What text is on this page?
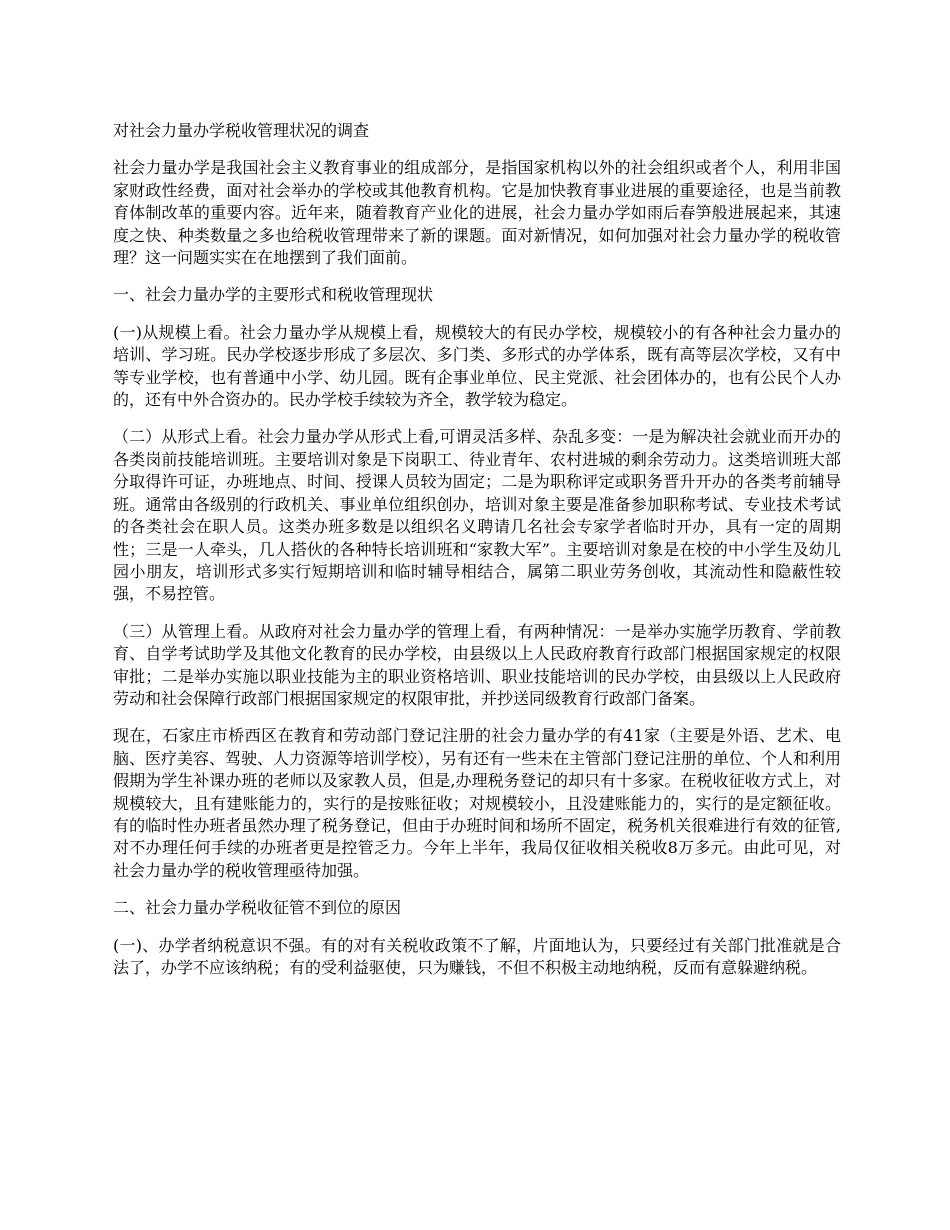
对社会力量办学税收管理状况的调查

社会力量办学是我国社会主义教育事业的组成部分，是指国家机构以外的社会组织或者个人，利用非国家财政性经费，面对社会举办的学校或其他教育机构。它是加快教育事业进展的重要途径，也是当前教育体制改革的重要内容。近年来，随着教育产业化的进展，社会力量办学如雨后春笋般进展起来，其速度之快、种类数量之多也给税收管理带来了新的课题。面对新情况，如何加强对社会力量办学的税收管理？这一问题实实在在地摆到了我们面前。

一、社会力量办学的主要形式和税收管理现状

(一)从规模上看。社会力量办学从规模上看，规模较大的有民办学校，规模较小的有各种社会力量办的培训、学习班。民办学校逐步形成了多层次、多门类、多形式的办学体系，既有高等层次学校，又有中等专业学校，也有普通中小学、幼儿园。既有企事业单位、民主党派、社会团体办的，也有公民个人办的，还有中外合资办的。民办学校手续较为齐全，教学较为稳定。

（二）从形式上看。社会力量办学从形式上看,可谓灵活多样、杂乱多变：一是为解决社会就业而开办的各类岗前技能培训班。主要培训对象是下岗职工、待业青年、农村进城的剩余劳动力。这类培训班大部分取得许可证，办班地点、时间、授课人员较为固定；二是为职称评定或职务晋升开办的各类考前辅导班。通常由各级别的行政机关、事业单位组织创办，培训对象主要是准备参加职称考试、专业技术考试的各类社会在职人员。这类办班多数是以组织名义聘请几名社会专家学者临时开办，具有一定的周期性；三是一人牵头，几人搭伙的各种特长培训班和“家教大军”。主要培训对象是在校的中小学生及幼儿园小朋友，培训形式多实行短期培训和临时辅导相结合，属第二职业劳务创收，其流动性和隐蔽性较强，不易控管。

（三）从管理上看。从政府对社会力量办学的管理上看，有两种情况：一是举办实施学历教育、学前教育、自学考试助学及其他文化教育的民办学校，由县级以上人民政府教育行政部门根据国家规定的权限审批；二是举办实施以职业技能为主的职业资格培训、职业技能培训的民办学校，由县级以上人民政府劳动和社会保障行政部门根据国家规定的权限审批，并抄送同级教育行政部门备案。

现在，石家庄市桥西区在教育和劳动部门登记注册的社会力量办学的有41家（主要是外语、艺术、电脑、医疗美容、驾驶、人力资源等培训学校），另有还有一些未在主管部门登记注册的单位、个人和利用假期为学生补课办班的老师以及家教人员，但是,办理税务登记的却只有十多家。在税收征收方式上，对规模较大，且有建账能力的，实行的是按账征收；对规模较小，且没建账能力的，实行的是定额征收。有的临时性办班者虽然办理了税务登记，但由于办班时间和场所不固定，税务机关很难进行有效的征管,对不办理任何手续的办班者更是控管乏力。今年上半年，我局仅征收相关税收8万多元。由此可见，对社会力量办学的税收管理亟待加强。

二、社会力量办学税收征管不到位的原因

(一)、办学者纳税意识不强。有的对有关税收政策不了解，片面地认为，只要经过有关部门批准就是合法了，办学不应该纳税；有的受利益驱使，只为赚钱，不但不积极主动地纳税，反而有意躲避纳税。
